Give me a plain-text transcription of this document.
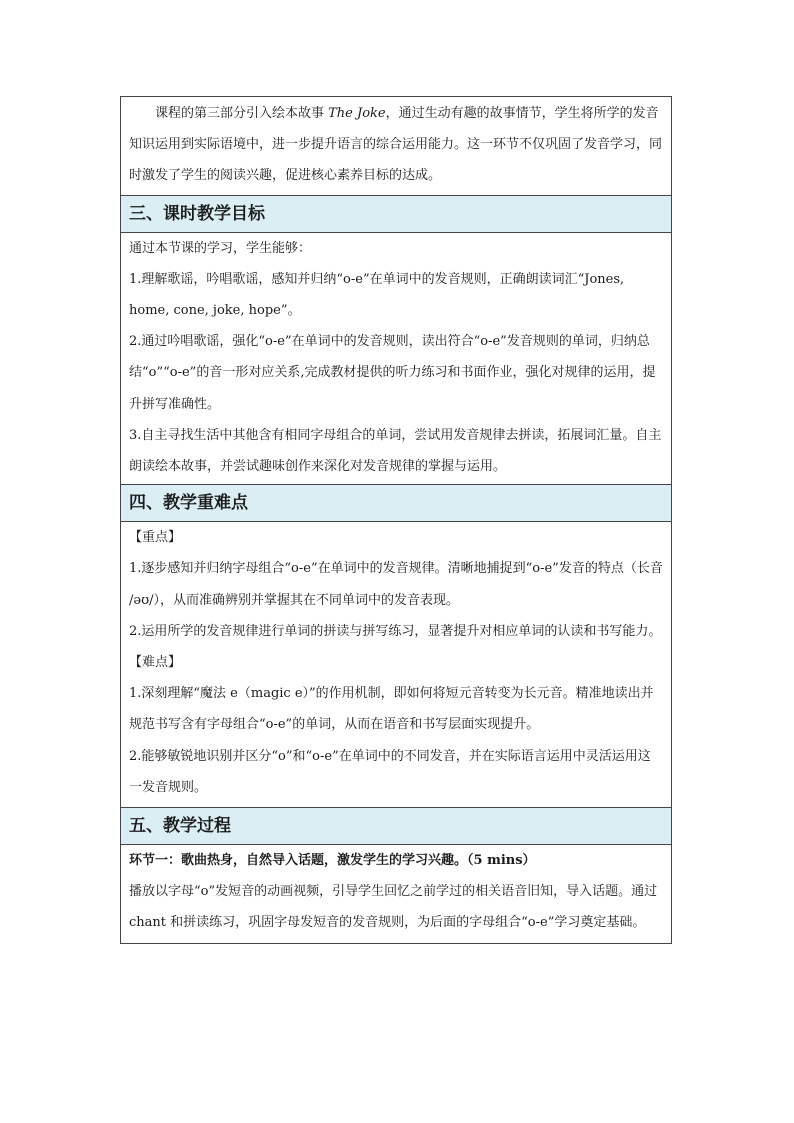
课程的第三部分引入绘本故事 The Joke，通过生动有趣的故事情节，学生将所学的发音知识运用到实际语境中，进一步提升语言的综合运用能力。这一环节不仅巩固了发音学习，同时激发了学生的阅读兴趣，促进核心素养目标的达成。

三、课时教学目标

通过本节课的学习，学生能够：

1.理解歌谣，吟唱歌谣，感知并归纳“o-e”在单词中的发音规则，正确朗读词汇“Jones, home, cone, joke, hope”。

2.通过吟唱歌谣，强化“o-e”在单词中的发音规则，读出符合“o-e”发音规则的单词，归纳总结“o”“o-e”的音一形对应关系,完成教材提供的听力练习和书面作业，强化对规律的运用，提升拼写准确性。

3.自主寻找生活中其他含有相同字母组合的单词，尝试用发音规律去拼读，拓展词汇量。自主朗读绘本故事，并尝试趣味创作来深化对发音规律的掌握与运用。

四、教学重难点

【重点】

1.逐步感知并归纳字母组合“o-e”在单词中的发音规律。清晰地捕捉到“o-e”发音的特点（长音 /əʊ/），从而准确辨别并掌握其在不同单词中的发音表现。

2.运用所学的发音规律进行单词的拼读与拼写练习，显著提升对相应单词的认读和书写能力。

【难点】

1.深刻理解“魔法 e（magic e）”的作用机制，即如何将短元音转变为长元音。精准地读出并规范书写含有字母组合“o-e”的单词，从而在语音和书写层面实现提升。

2.能够敏锐地识别并区分“o”和“o-e”在单词中的不同发音，并在实际语言运用中灵活运用这一发音规则。

五、教学过程

环节一：歌曲热身，自然导入话题，激发学生的学习兴趣。（5 mins）

播放以字母“o”发短音的动画视频，引导学生回忆之前学过的相关语音旧知，导入话题。通过 chant 和拼读练习，巩固字母发短音的发音规则，为后面的字母组合“o-e”学习奠定基础。
